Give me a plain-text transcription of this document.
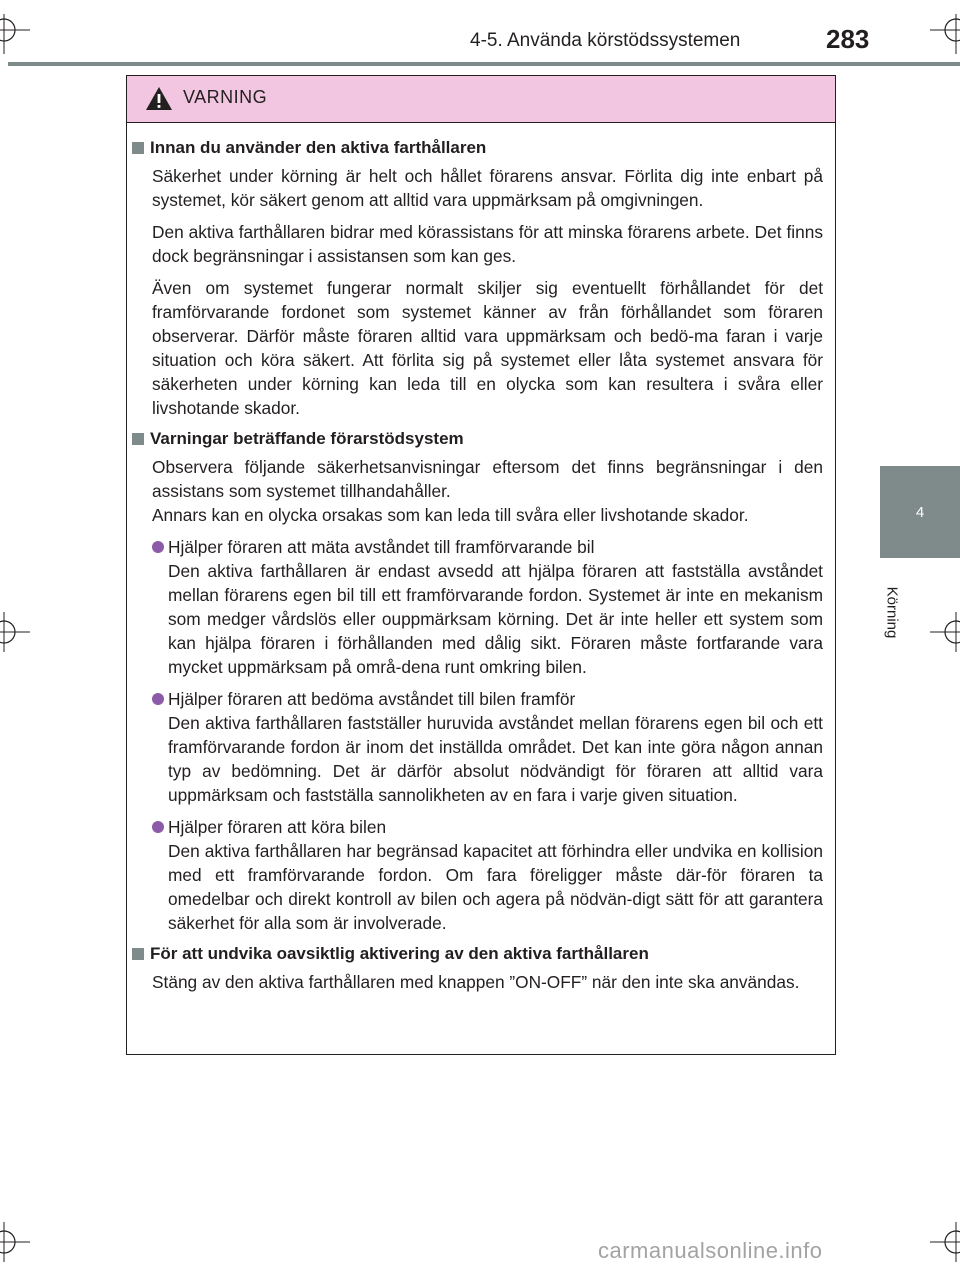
4-5. Använda körstödssystemen	283
4
Körning
VARNING
Innan du använder den aktiva farthållaren

Säkerhet under körning är helt och hållet förarens ansvar. Förlita dig inte enbart på systemet, kör säkert genom att alltid vara uppmärksam på omgivningen.

Den aktiva farthållaren bidrar med körassistans för att minska förarens arbete. Det finns dock begränsningar i assistansen som kan ges.

Även om systemet fungerar normalt skiljer sig eventuellt förhållandet för det framförvarande fordonet som systemet känner av från förhållandet som föraren observerar. Därför måste föraren alltid vara uppmärksam och bedö-ma faran i varje situation och köra säkert. Att förlita sig på systemet eller låta systemet ansvara för säkerheten under körning kan leda till en olycka som kan resultera i svåra eller livshotande skador.

Varningar beträffande förarstödsystem

Observera följande säkerhetsanvisningar eftersom det finns begränsningar i den assistans som systemet tillhandahåller.

Annars kan en olycka orsakas som kan leda till svåra eller livshotande skador.

Hjälper föraren att mäta avståndet till framförvarande bil
Den aktiva farthållaren är endast avsedd att hjälpa föraren att fastställa avståndet mellan förarens egen bil till ett framförvarande fordon. Systemet är inte en mekanism som medger vårdslös eller ouppmärksam körning. Det är inte heller ett system som kan hjälpa föraren i förhållanden med dålig sikt. Föraren måste fortfarande vara mycket uppmärksam på områ-dena runt omkring bilen.
Hjälper föraren att bedöma avståndet till bilen framför
Den aktiva farthållaren fastställer huruvida avståndet mellan förarens egen bil och ett framförvarande fordon är inom det inställda området. Det kan inte göra någon annan typ av bedömning. Det är därför absolut nödvändigt för föraren att alltid vara uppmärksam och fastställa sannolikheten av en fara i varje given situation.
Hjälper föraren att köra bilen
Den aktiva farthållaren har begränsad kapacitet att förhindra eller undvika en kollision med ett framförvarande fordon. Om fara föreligger måste där-för föraren ta omedelbar och direkt kontroll av bilen och agera på nödvän-digt sätt för att garantera säkerhet för alla som är involverade.
För att undvika oavsiktlig aktivering av den aktiva farthållaren

Stäng av den aktiva farthållaren med knappen ”ON-OFF” när den inte ska användas.

carmanualsonline.info
